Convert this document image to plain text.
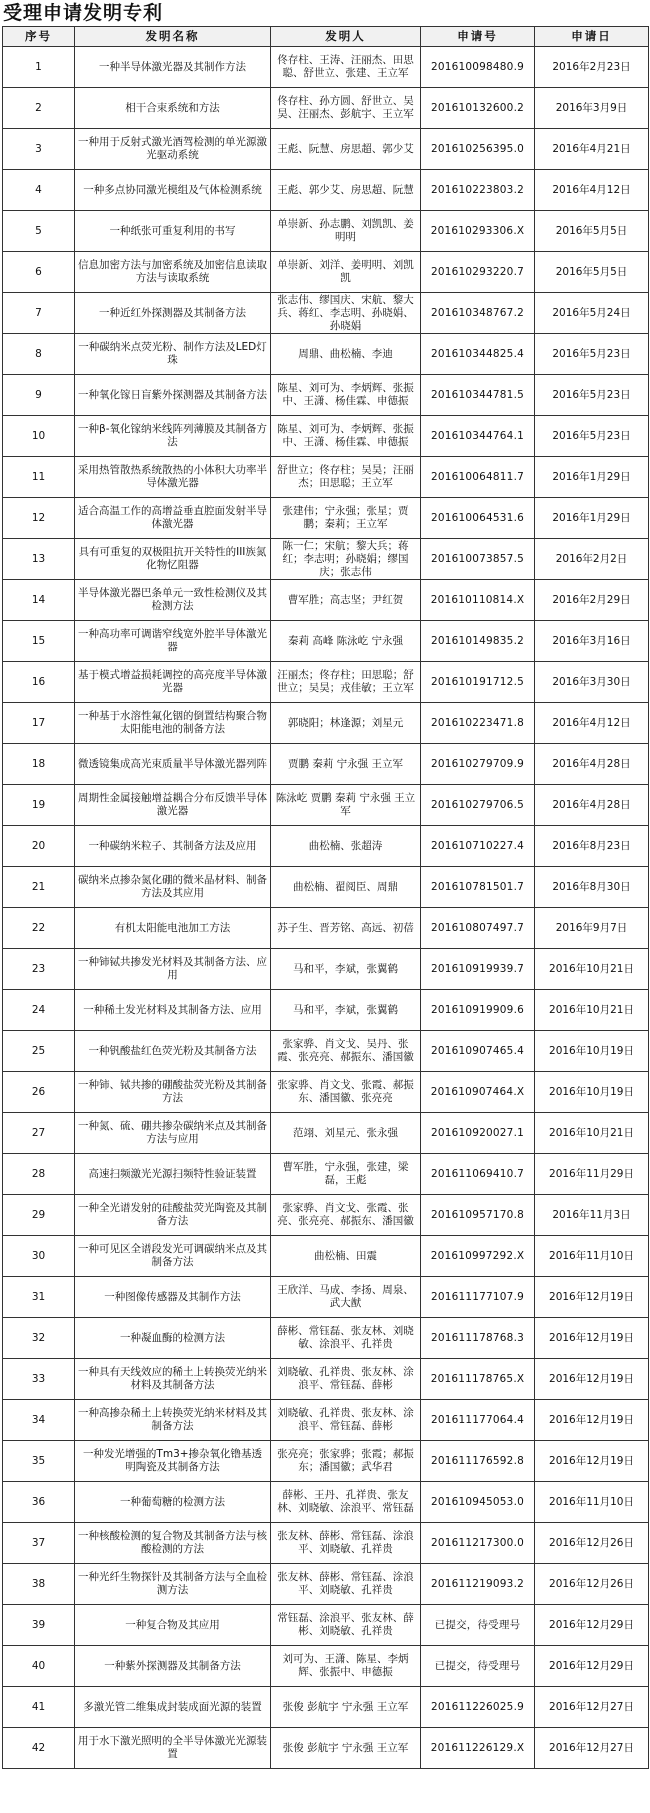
受理申请发明专利
序号	发明名称	发明人	申请号	申请日
1	一种半导体激光器及其制作方法	佟存柱、王涛、汪丽杰、田思聪、舒世立、张建、王立军	201610098480.9	2016年2月23日
2	相干合束系统和方法	佟存柱、孙方圆、舒世立、吴昊、汪丽杰、彭航宇、王立军	201610132600.2	2016年3月9日
3	一种用于反射式激光酒驾检测的单光源激光驱动系统	王彪、阮慧、房思超、郭少艾	201610256395.0	2016年4月21日
4	一种多点协同激光模组及气体检测系统	王彪、郭少艾、房思超、阮慧	201610223803.2	2016年4月12日
5	一种纸张可重复利用的书写	单崇新、孙志鹏、刘凯凯、姜明明	201610293306.X	2016年5月5日
6	信息加密方法与加密系统及加密信息读取方法与读取系统	单崇新、刘洋、姜明明、刘凯凯	201610293220.7	2016年5月5日
7	一种近红外探测器及其制备方法	张志伟、缪国庆、宋航、黎大兵、蒋红、李志明、孙晓娟、孙晓娟	201610348767.2	2016年5月24日
8	一种碳纳米点荧光粉、制作方法及LED灯珠	周鼎、曲松楠、李迪	201610344825.4	2016年5月23日
9	一种氧化镓日盲紫外探测器及其制备方法	陈星、刘可为、李炳辉、张振中、王潇、杨佳霖、申德振	201610344781.5	2016年5月23日
10	一种β-氧化镓纳米线阵列薄膜及其制备方法	陈星、刘可为、李炳辉、张振中、王潇、杨佳霖、申德振	201610344764.1	2016年5月23日
11	采用热管散热系统散热的小体积大功率半导体激光器	舒世立；佟存柱；吴昊；汪丽杰；田思聪；王立军	201610064811.7	2016年1月29日
12	适合高温工作的高增益垂直腔面发射半导体激光器	张建伟；宁永强；张星；贾鹏；秦莉；王立军	201610064531.6	2016年1月29日
13	具有可重复的双极阻抗开关特性的III族氮化物忆阻器	陈一仁；宋航；黎大兵；蒋红；李志明；孙晓娟；缪国庆；张志伟	201610073857.5	2016年2月2日
14	半导体激光器巴条单元一致性检测仪及其检测方法	曹军胜；高志坚；尹红贺	201610110814.X	2016年2月29日
15	一种高功率可调谐窄线宽外腔半导体激光器	秦莉 高峰 陈泳屹 宁永强	201610149835.2	2016年3月16日
16	基于模式增益损耗调控的高亮度半导体激光器	汪丽杰；佟存柱；田思聪；舒世立；吴昊；戎佳敏；王立军	201610191712.5	2016年3月30日
17	一种基于水溶性氟化铟的倒置结构聚合物太阳能电池的制备方法	郭晓阳；林逢源；刘星元	201610223471.8	2016年4月12日
18	微透镜集成高光束质量半导体激光器列阵	贾鹏 秦莉 宁永强 王立军	201610279709.9	2016年4月28日
19	周期性金属接触增益耦合分布反馈半导体激光器	陈泳屹 贾鹏 秦莉 宁永强 王立军	201610279706.5	2016年4月28日
20	一种碳纳米粒子、其制备方法及应用	曲松楠、张超涛	201610710227.4	2016年8月23日
21	碳纳米点掺杂氮化硼的微米晶材料、制备方法及其应用	曲松楠、翟阅臣、周鼎	201610781501.7	2016年8月30日
22	有机太阳能电池加工方法	苏子生、晋芳铭、高远、初蓓	201610807497.7	2016年9月7日
23	一种铈铽共掺发光材料及其制备方法、应用	马和平，李斌，张翼鹤	201610919939.7	2016年10月21日
24	一种稀土发光材料及其制备方法、应用	马和平，李斌，张翼鹤	201610919909.6	2016年10月21日
25	一种钒酸盐红色荧光粉及其制备方法	张家骅、肖文戈、吴丹、张霞、张亮亮、郝振东、潘国徽	201610907465.4	2016年10月19日
26	一种铈、铽共掺的硼酸盐荧光粉及其制备方法	张家骅、肖文戈、张霞、郝振东、潘国徽、张亮亮	201610907464.X	2016年10月19日
27	一种氮、硫、硼共掺杂碳纳米点及其制备方法与应用	范翊、刘星元、张永强	201610920027.1	2016年10月21日
28	高速扫频激光光源扫频特性验证装置	曹军胜，宁永强，张建，梁磊，王彪	201611069410.7	2016年11月29日
29	一种全光谱发射的硅酸盐荧光陶瓷及其制备方法	张家骅、肖文戈、张霞、张亮、张亮亮、郝振东、潘国徽	201610957170.8	2016年11月3日
30	一种可见区全谱段发光可调碳纳米点及其制备方法	曲松楠、田震	201610997292.X	2016年11月10日
31	一种图像传感器及其制作方法	王欣洋、马成、李扬、周泉、武大猷	201611177107.9	2016年12月19日
32	一种凝血酶的检测方法	薛彬、常钰磊、张友林、刘晓敏、涂浪平、孔祥贵	201611178768.3	2016年12月19日
33	一种具有天线效应的稀土上转换荧光纳米材料及其制备方法	刘晓敏、孔祥贵、张友林、涂浪平、常钰磊、薛彬	201611178765.X	2016年12月19日
34	一种高掺杂稀土上转换荧光纳米材料及其制备方法	刘晓敏、孔祥贵、张友林、涂浪平、常钰磊、薛彬	201611177064.4	2016年12月19日
35	一种发光增强的Tm3+掺杂氧化镥基透明陶瓷及其制备方法	张亮亮；张家骅；张霞；郝振东；潘国徽；武华君	201611176592.8	2016年12月19日
36	一种葡萄糖的检测方法	薛彬、王丹、孔祥贵、张友林、刘晓敏、涂浪平、常钰磊	201610945053.0	2016年11月10日
37	一种核酸检测的复合物及其制备方法与核酸检测的方法	张友林、薛彬、常钰磊、涂浪平、刘晓敏、孔祥贵	201611217300.0	2016年12月26日
38	一种光纤生物探针及其制备方法与全血检测方法	张友林、薛彬、常钰磊、涂浪平、刘晓敏、孔祥贵	201611219093.2	2016年12月26日
39	一种复合物及其应用	常钰磊、涂浪平、张友林、薛彬、刘晓敏、孔祥贵	已提交，待受理号	2016年12月29日
40	一种紫外探测器及其制备方法	刘可为、王潇、陈星、李炳辉、张振中、申德振	已提交，待受理号	2016年12月29日
41	多激光管二维集成封装成面光源的装置	张俊 彭航宇 宁永强 王立军	201611226025.9	2016年12月27日
42	用于水下激光照明的全半导体激光光源装置	张俊 彭航宇 宁永强 王立军	201611226129.X	2016年12月27日
